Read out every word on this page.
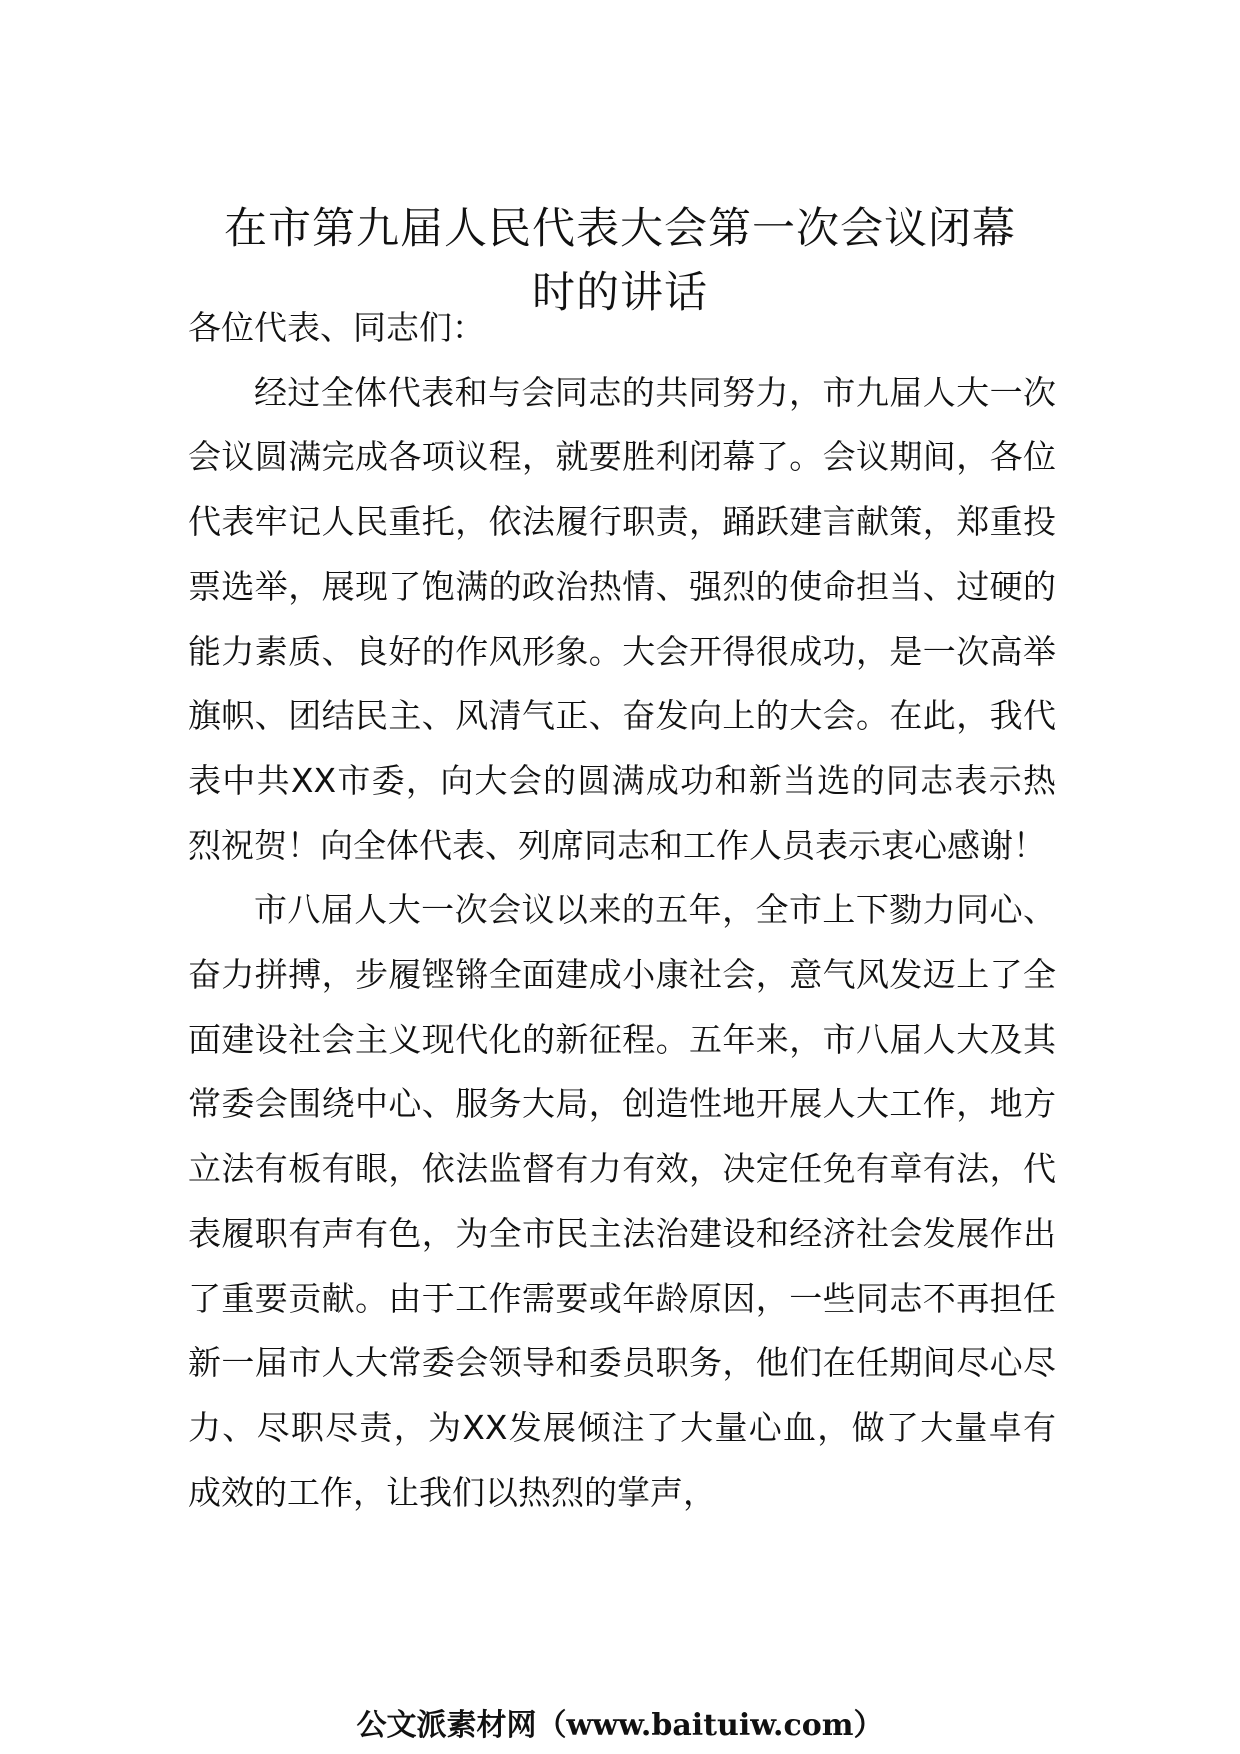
在市第九届人民代表大会第一次会议闭幕
时的讲话

各位代表、同志们：

经过全体代表和与会同志的共同努力，市九届人大一次会议圆满完成各项议程，就要胜利闭幕了。会议期间，各位代表牢记人民重托，依法履行职责，踊跃建言献策，郑重投票选举，展现了饱满的政治热情、强烈的使命担当、过硬的能力素质、良好的作风形象。大会开得很成功，是一次高举旗帜、团结民主、风清气正、奋发向上的大会。在此，我代表中共XX市委，向大会的圆满成功和新当选的同志表示热烈祝贺！向全体代表、列席同志和工作人员表示衷心感谢！

市八届人大一次会议以来的五年，全市上下勠力同心、奋力拼搏，步履铿锵全面建成小康社会，意气风发迈上了全面建设社会主义现代化的新征程。五年来，市八届人大及其常委会围绕中心、服务大局，创造性地开展人大工作，地方立法有板有眼，依法监督有力有效，决定任免有章有法，代表履职有声有色，为全市民主法治建设和经济社会发展作出了重要贡献。由于工作需要或年龄原因，一些同志不再担任新一届市人大常委会领导和委员职务，他们在任期间尽心尽力、尽职尽责，为XX发展倾注了大量心血，做了大量卓有成效的工作，让我们以热烈的掌声，

公文派素材网（www.baituiw.com）
